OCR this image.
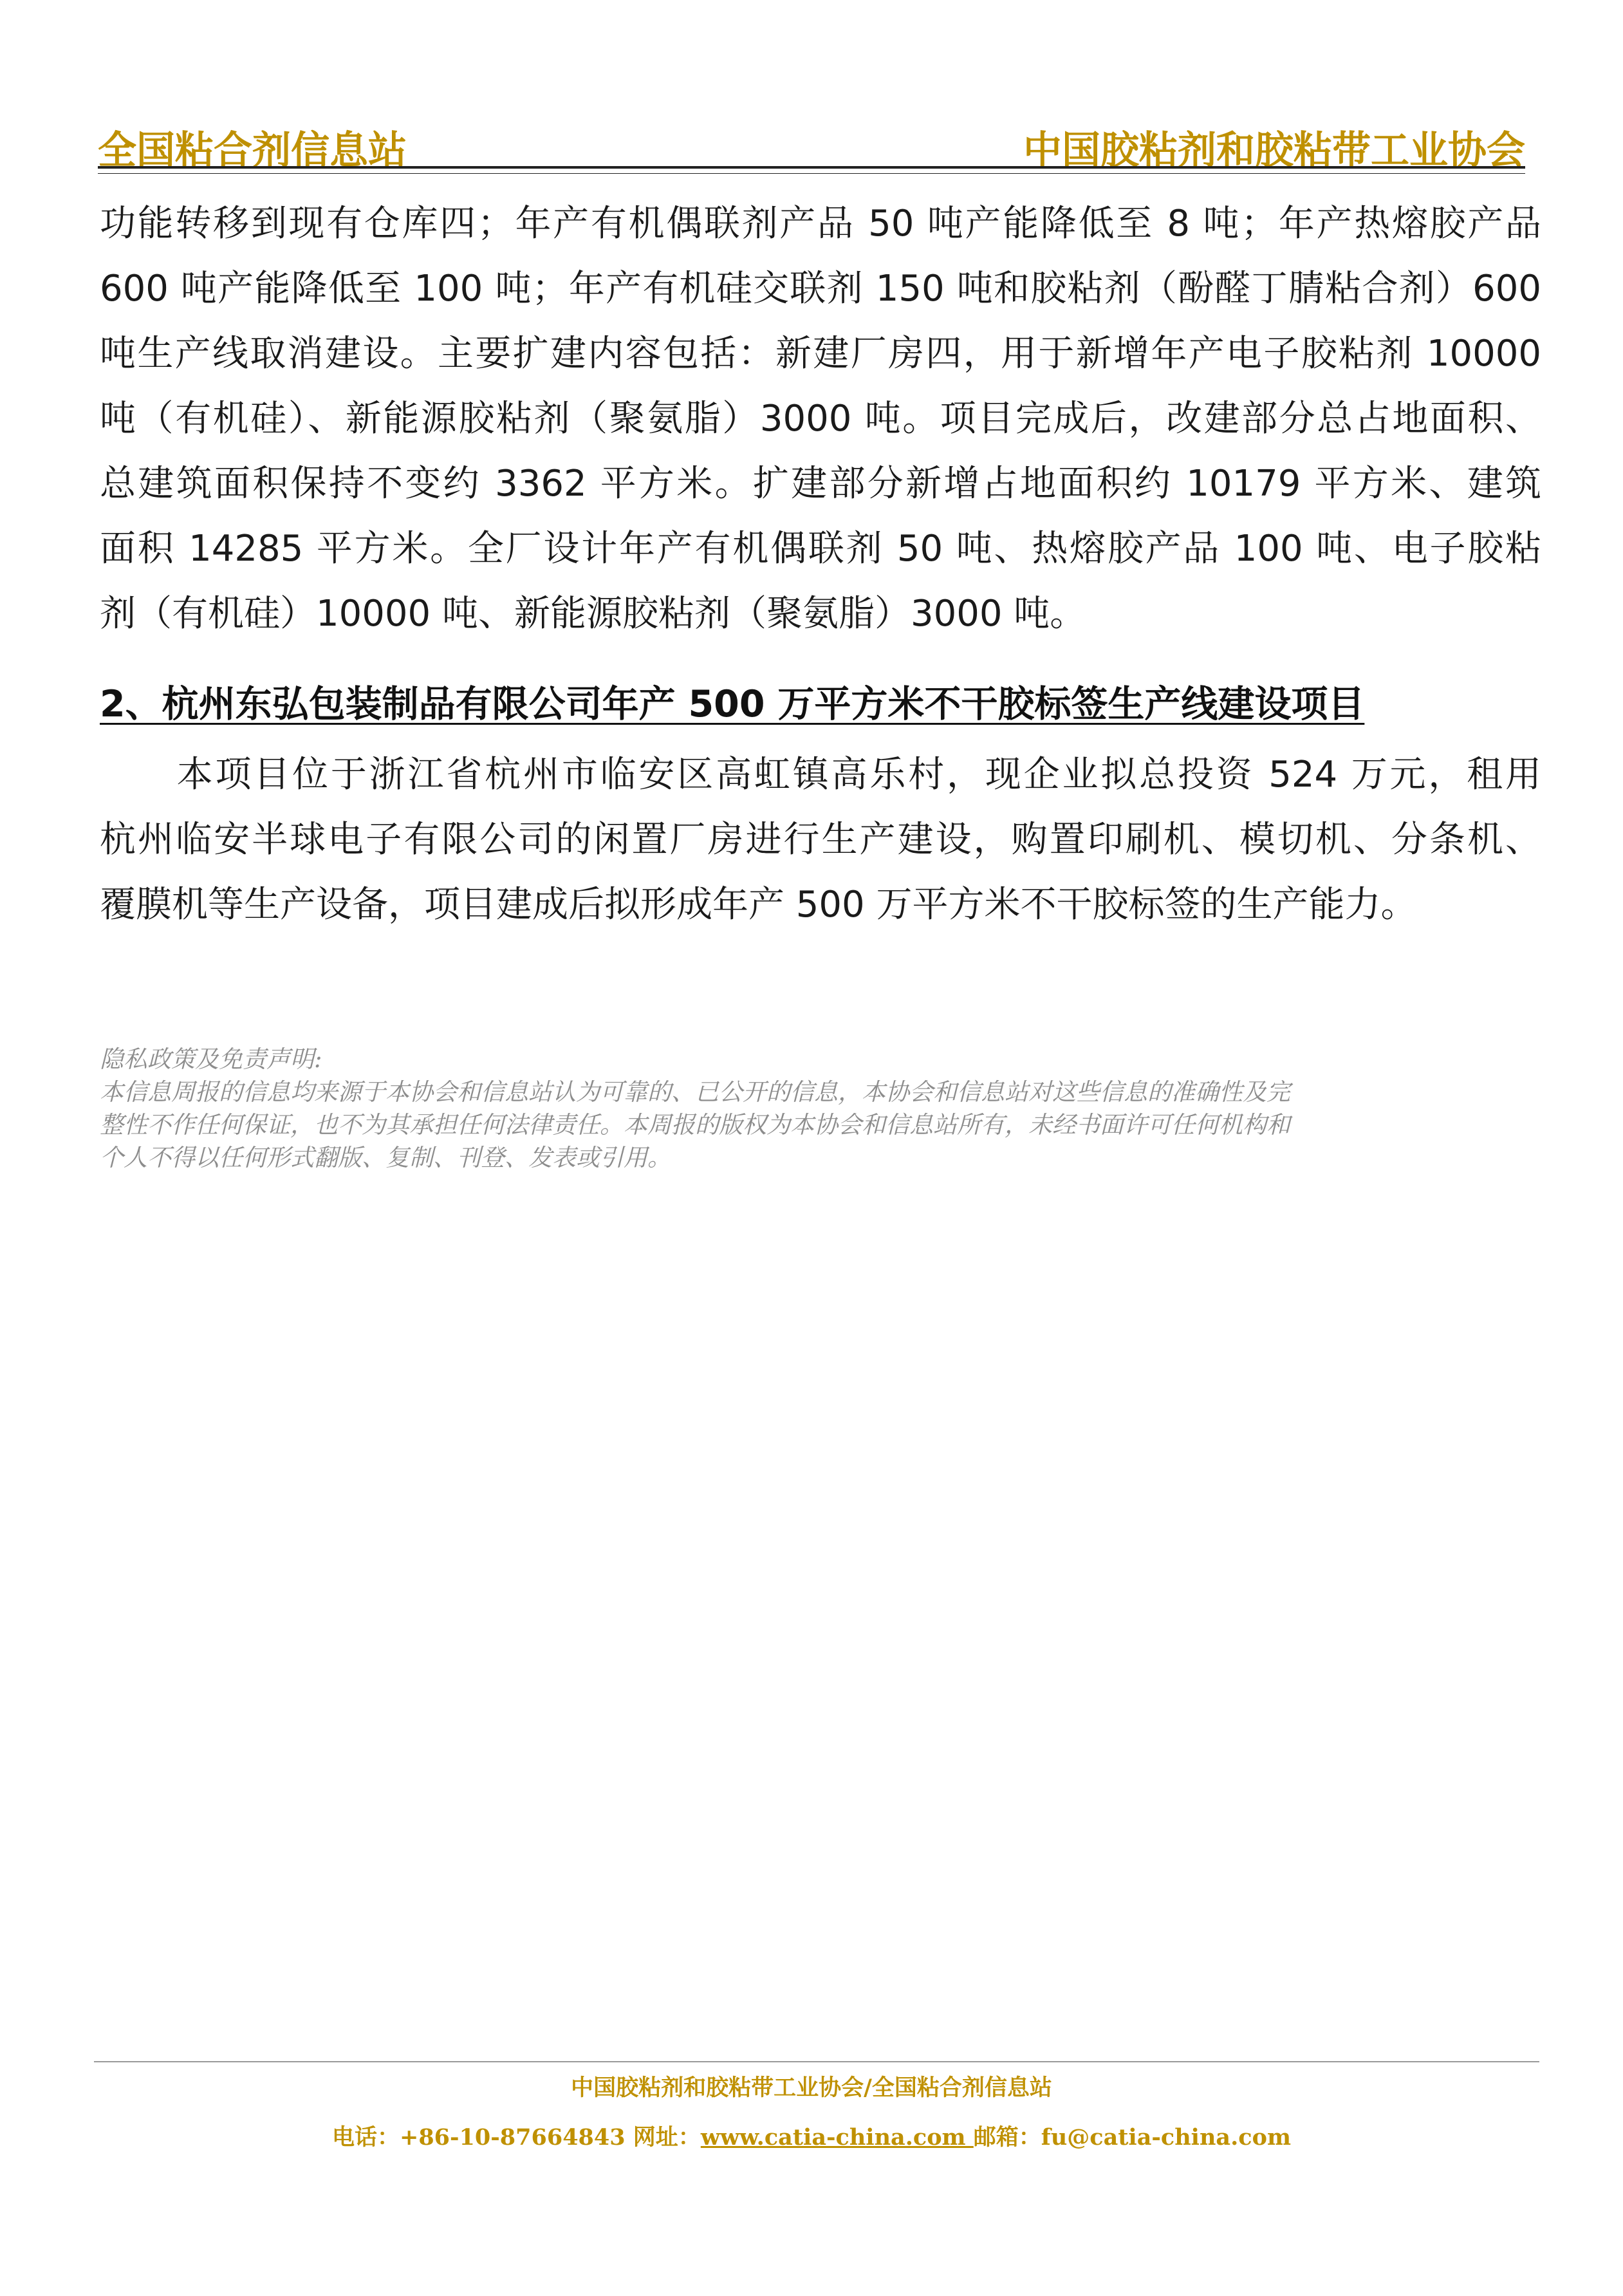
全国粘合剂信息站	中国胶粘剂和胶粘带工业协会
功能转移到现有仓库四；年产有机偶联剂产品 50 吨产能降低至 8 吨；年产热熔胶产品
600 吨产能降低至 100 吨；年产有机硅交联剂 150 吨和胶粘剂（酚醛丁腈粘合剂）600
吨生产线取消建设。主要扩建内容包括：新建厂房四，用于新增年产电子胶粘剂 10000
吨（有机硅）、新能源胶粘剂（聚氨脂）3000 吨。项目完成后，改建部分总占地面积、
总建筑面积保持不变约 3362 平方米。扩建部分新增占地面积约 10179 平方米、建筑
面积 14285 平方米。全厂设计年产有机偶联剂 50 吨、热熔胶产品 100 吨、电子胶粘
剂（有机硅）10000 吨、新能源胶粘剂（聚氨脂）3000 吨。
2、杭州东弘包装制品有限公司年产 500 万平方米不干胶标签生产线建设项目
　　本项目位于浙江省杭州市临安区高虹镇高乐村，现企业拟总投资 524 万元，租用
杭州临安半球电子有限公司的闲置厂房进行生产建设，购置印刷机、模切机、分条机、
覆膜机等生产设备，项目建成后拟形成年产 500 万平方米不干胶标签的生产能力。
隐私政策及免责声明:
本信息周报的信息均来源于本协会和信息站认为可靠的、已公开的信息，本协会和信息站对这些信息的准确性及完
整性不作任何保证，也不为其承担任何法律责任。本周报的版权为本协会和信息站所有，未经书面许可任何机构和
个人不得以任何形式翻版、复制、刊登、发表或引用。
中国胶粘剂和胶粘带工业协会/全国粘合剂信息站
电话：+86-10-87664843 网址：www.catia-china.com 邮箱：fu@catia-china.com
